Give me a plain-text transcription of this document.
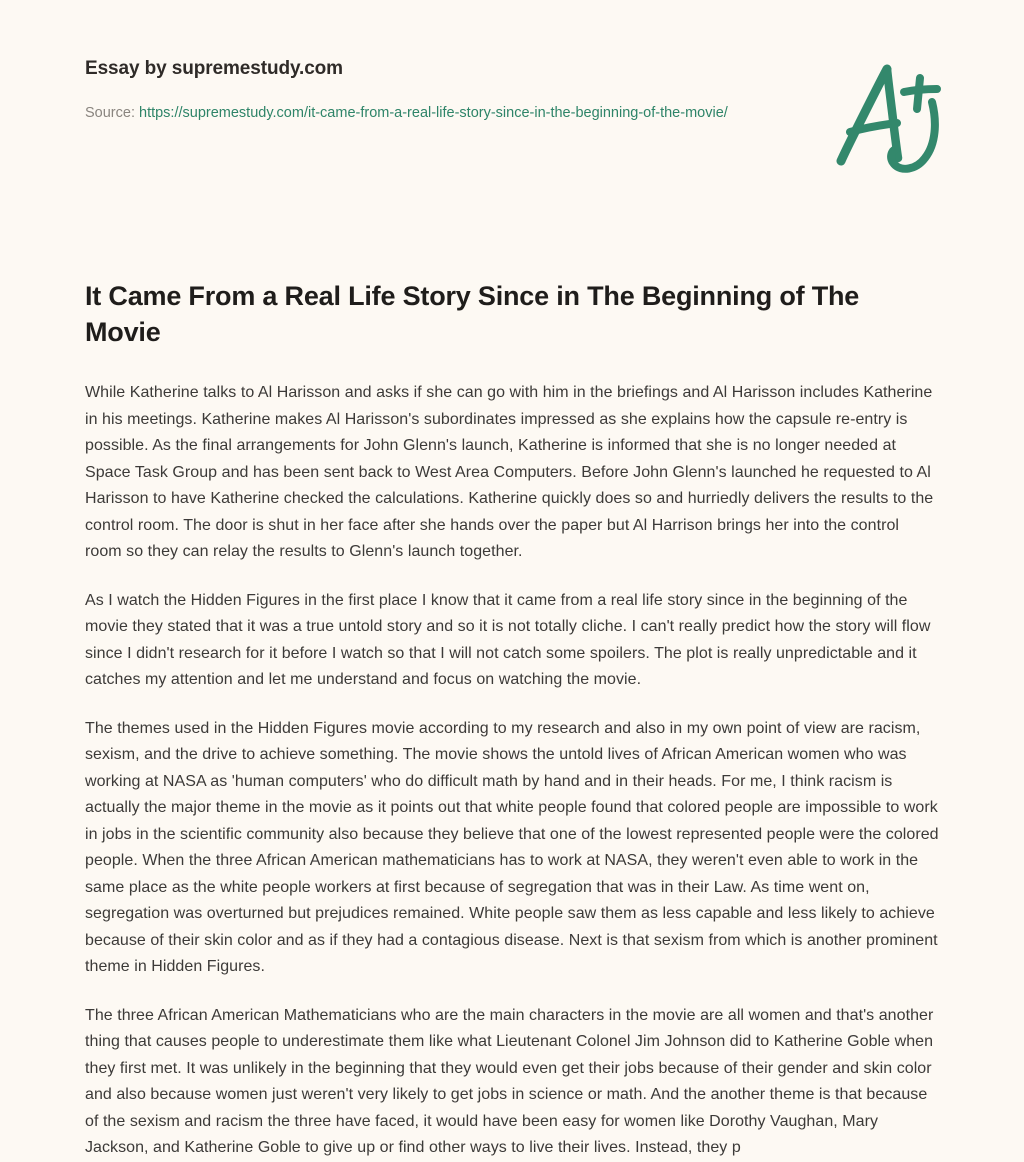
Essay by supremestudy.com
Source: https://supremestudy.com/it-came-from-a-real-life-story-since-in-the-beginning-of-the-movie/
It Came From a Real Life Story Since in The Beginning of The Movie

While Katherine talks to Al Harisson and asks if she can go with him in the briefings and Al Harisson includes Katherine in his meetings. Katherine makes Al Harisson's subordinates impressed as she explains how the capsule re-entry is possible. As the final arrangements for John Glenn's launch, Katherine is informed that she is no longer needed at Space Task Group and has been sent back to West Area Computers. Before John Glenn's launched he requested to Al Harisson to have Katherine checked the calculations. Katherine quickly does so and hurriedly delivers the results to the control room. The door is shut in her face after she hands over the paper but Al Harrison brings her into the control room so they can relay the results to Glenn's launch together.

As I watch the Hidden Figures in the first place I know that it came from a real life story since in the beginning of the movie they stated that it was a true untold story and so it is not totally cliche. I can't really predict how the story will flow since I didn't research for it before I watch so that I will not catch some spoilers. The plot is really unpredictable and it catches my attention and let me understand and focus on watching the movie.

The themes used in the Hidden Figures movie according to my research and also in my own point of view are racism, sexism, and the drive to achieve something. The movie shows the untold lives of African American women who was working at NASA as 'human computers' who do difficult math by hand and in their heads. For me, I think racism is actually the major theme in the movie as it points out that white people found that colored people are impossible to work in jobs in the scientific community also because they believe that one of the lowest represented people were the colored people. When the three African American mathematicians has to work at NASA, they weren't even able to work in the same place as the white people workers at first because of segregation that was in their Law. As time went on, segregation was overturned but prejudices remained. White people saw them as less capable and less likely to achieve because of their skin color and as if they had a contagious disease. Next is that sexism from which is another prominent theme in Hidden Figures.

The three African American Mathematicians who are the main characters in the movie are all women and that's another thing that causes people to underestimate them like what Lieutenant Colonel Jim Johnson did to Katherine Goble when they first met. It was unlikely in the beginning that they would even get their jobs because of their gender and skin color and also because women just weren't very likely to get jobs in science or math. And the another theme is that because of the sexism and racism the three have faced, it would have been easy for women like Dorothy Vaughan, Mary Jackson, and Katherine Goble to give up or find other ways to live their lives. Instead, they p
